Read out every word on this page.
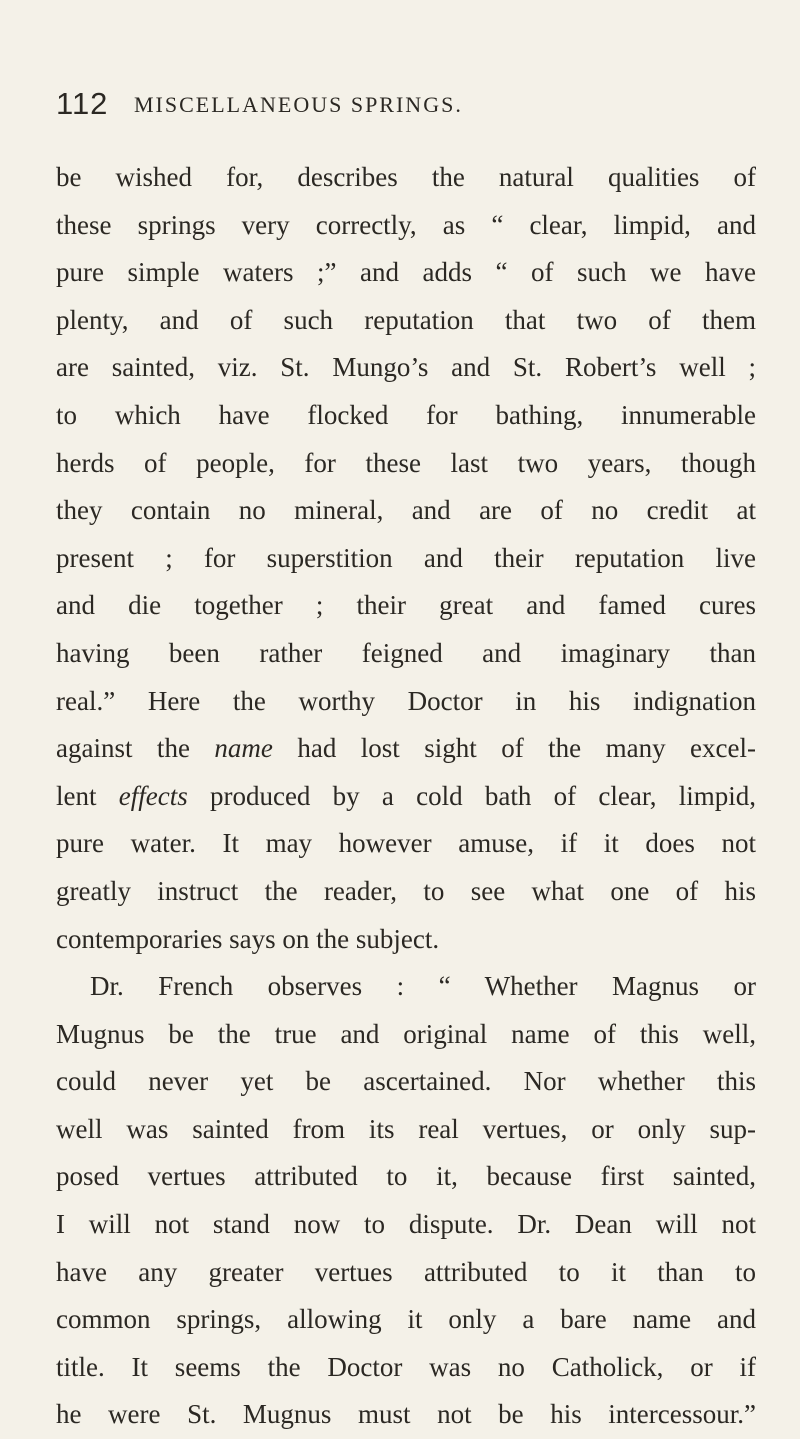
112 MISCELLANEOUS SPRINGS.
be wished for, describes the natural qualities of
these springs very correctly, as “ clear, limpid, and
pure simple waters ;” and adds “ of such we have
plenty, and of such reputation that two of them
are sainted, viz. St. Mungo’s and St. Robert’s well ;
to which have flocked for bathing, innumerable
herds of people, for these last two years, though
they contain no mineral, and are of no credit at
present ; for superstition and their reputation live
and die together ; their great and famed cures
having been rather feigned and imaginary than
real.” Here the worthy Doctor in his indignation
against the name had lost sight of the many excel-
lent effects produced by a cold bath of clear, limpid,
pure water. It may however amuse, if it does not
greatly instruct the reader, to see what one of his
contemporaries says on the subject.
Dr. French observes : “ Whether Magnus or
Mugnus be the true and original name of this well,
could never yet be ascertained. Nor whether this
well was sainted from its real vertues, or only sup-
posed vertues attributed to it, because first sainted,
I will not stand now to dispute. Dr. Dean will not
have any greater vertues attributed to it than to
common springs, allowing it only a bare name and
title. It seems the Doctor was no Catholick, or if
he were St. Mugnus must not be his intercessour.”
